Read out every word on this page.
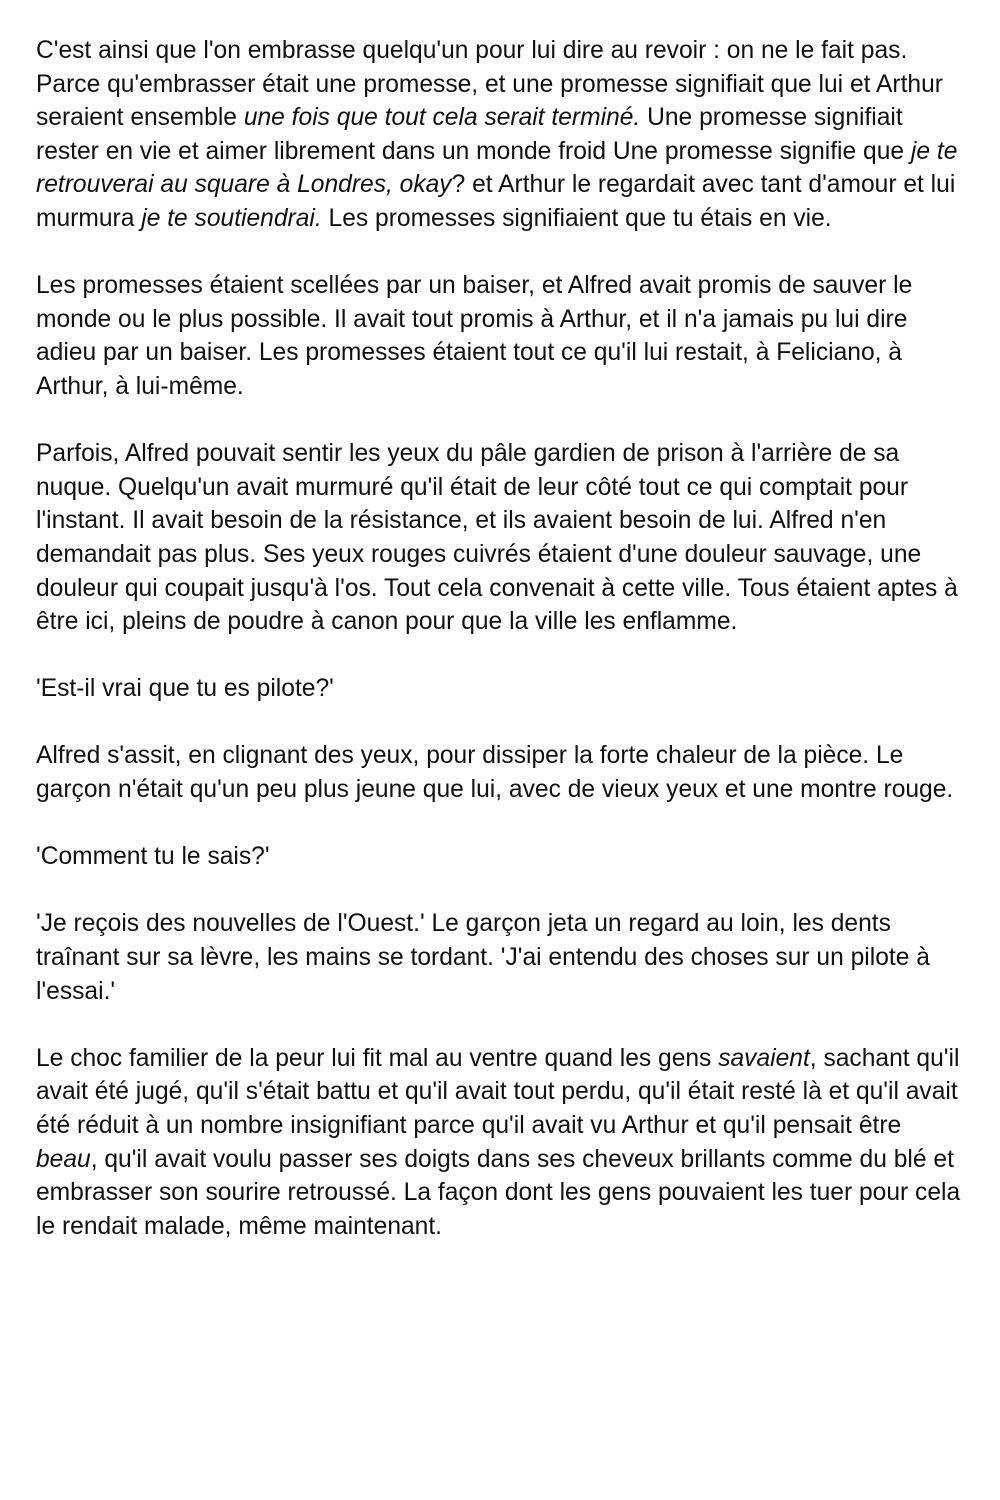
C'est ainsi que l'on embrasse quelqu'un pour lui dire au revoir : on ne le fait pas. Parce qu'embrasser était une promesse, et une promesse signifiait que lui et Arthur seraient ensemble une fois que tout cela serait terminé. Une promesse signifiait rester en vie et aimer librement dans un monde froid Une promesse signifie que je te retrouverai au square à Londres, okay? et Arthur le regardait avec tant d'amour et lui murmura je te soutiendrai. Les promesses signifiaient que tu étais en vie.

Les promesses étaient scellées par un baiser, et Alfred avait promis de sauver le monde ou le plus possible. Il avait tout promis à Arthur, et il n'a jamais pu lui dire adieu par un baiser. Les promesses étaient tout ce qu'il lui restait, à Feliciano, à Arthur, à lui-même.

Parfois, Alfred pouvait sentir les yeux du pâle gardien de prison à l'arrière de sa nuque. Quelqu'un avait murmuré qu'il était de leur côté tout ce qui comptait pour l'instant. Il avait besoin de la résistance, et ils avaient besoin de lui. Alfred n'en demandait pas plus. Ses yeux rouges cuivrés étaient d'une douleur sauvage, une douleur qui coupait jusqu'à l'os. Tout cela convenait à cette ville. Tous étaient aptes à être ici, pleins de poudre à canon pour que la ville les enflamme.

'Est-il vrai que tu es pilote?'

Alfred s'assit, en clignant des yeux, pour dissiper la forte chaleur de la pièce. Le garçon n'était qu'un peu plus jeune que lui, avec de vieux yeux et une montre rouge.

'Comment tu le sais?'

'Je reçois des nouvelles de l'Ouest.' Le garçon jeta un regard au loin, les dents traînant sur sa lèvre, les mains se tordant. 'J'ai entendu des choses sur un pilote à l'essai.'

Le choc familier de la peur lui fit mal au ventre quand les gens savaient, sachant qu'il avait été jugé, qu'il s'était battu et qu'il avait tout perdu, qu'il était resté là et qu'il avait été réduit à un nombre insignifiant parce qu'il avait vu Arthur et qu'il pensait être beau, qu'il avait voulu passer ses doigts dans ses cheveux brillants comme du blé et embrasser son sourire retroussé. La façon dont les gens pouvaient les tuer pour cela le rendait malade, même maintenant.
